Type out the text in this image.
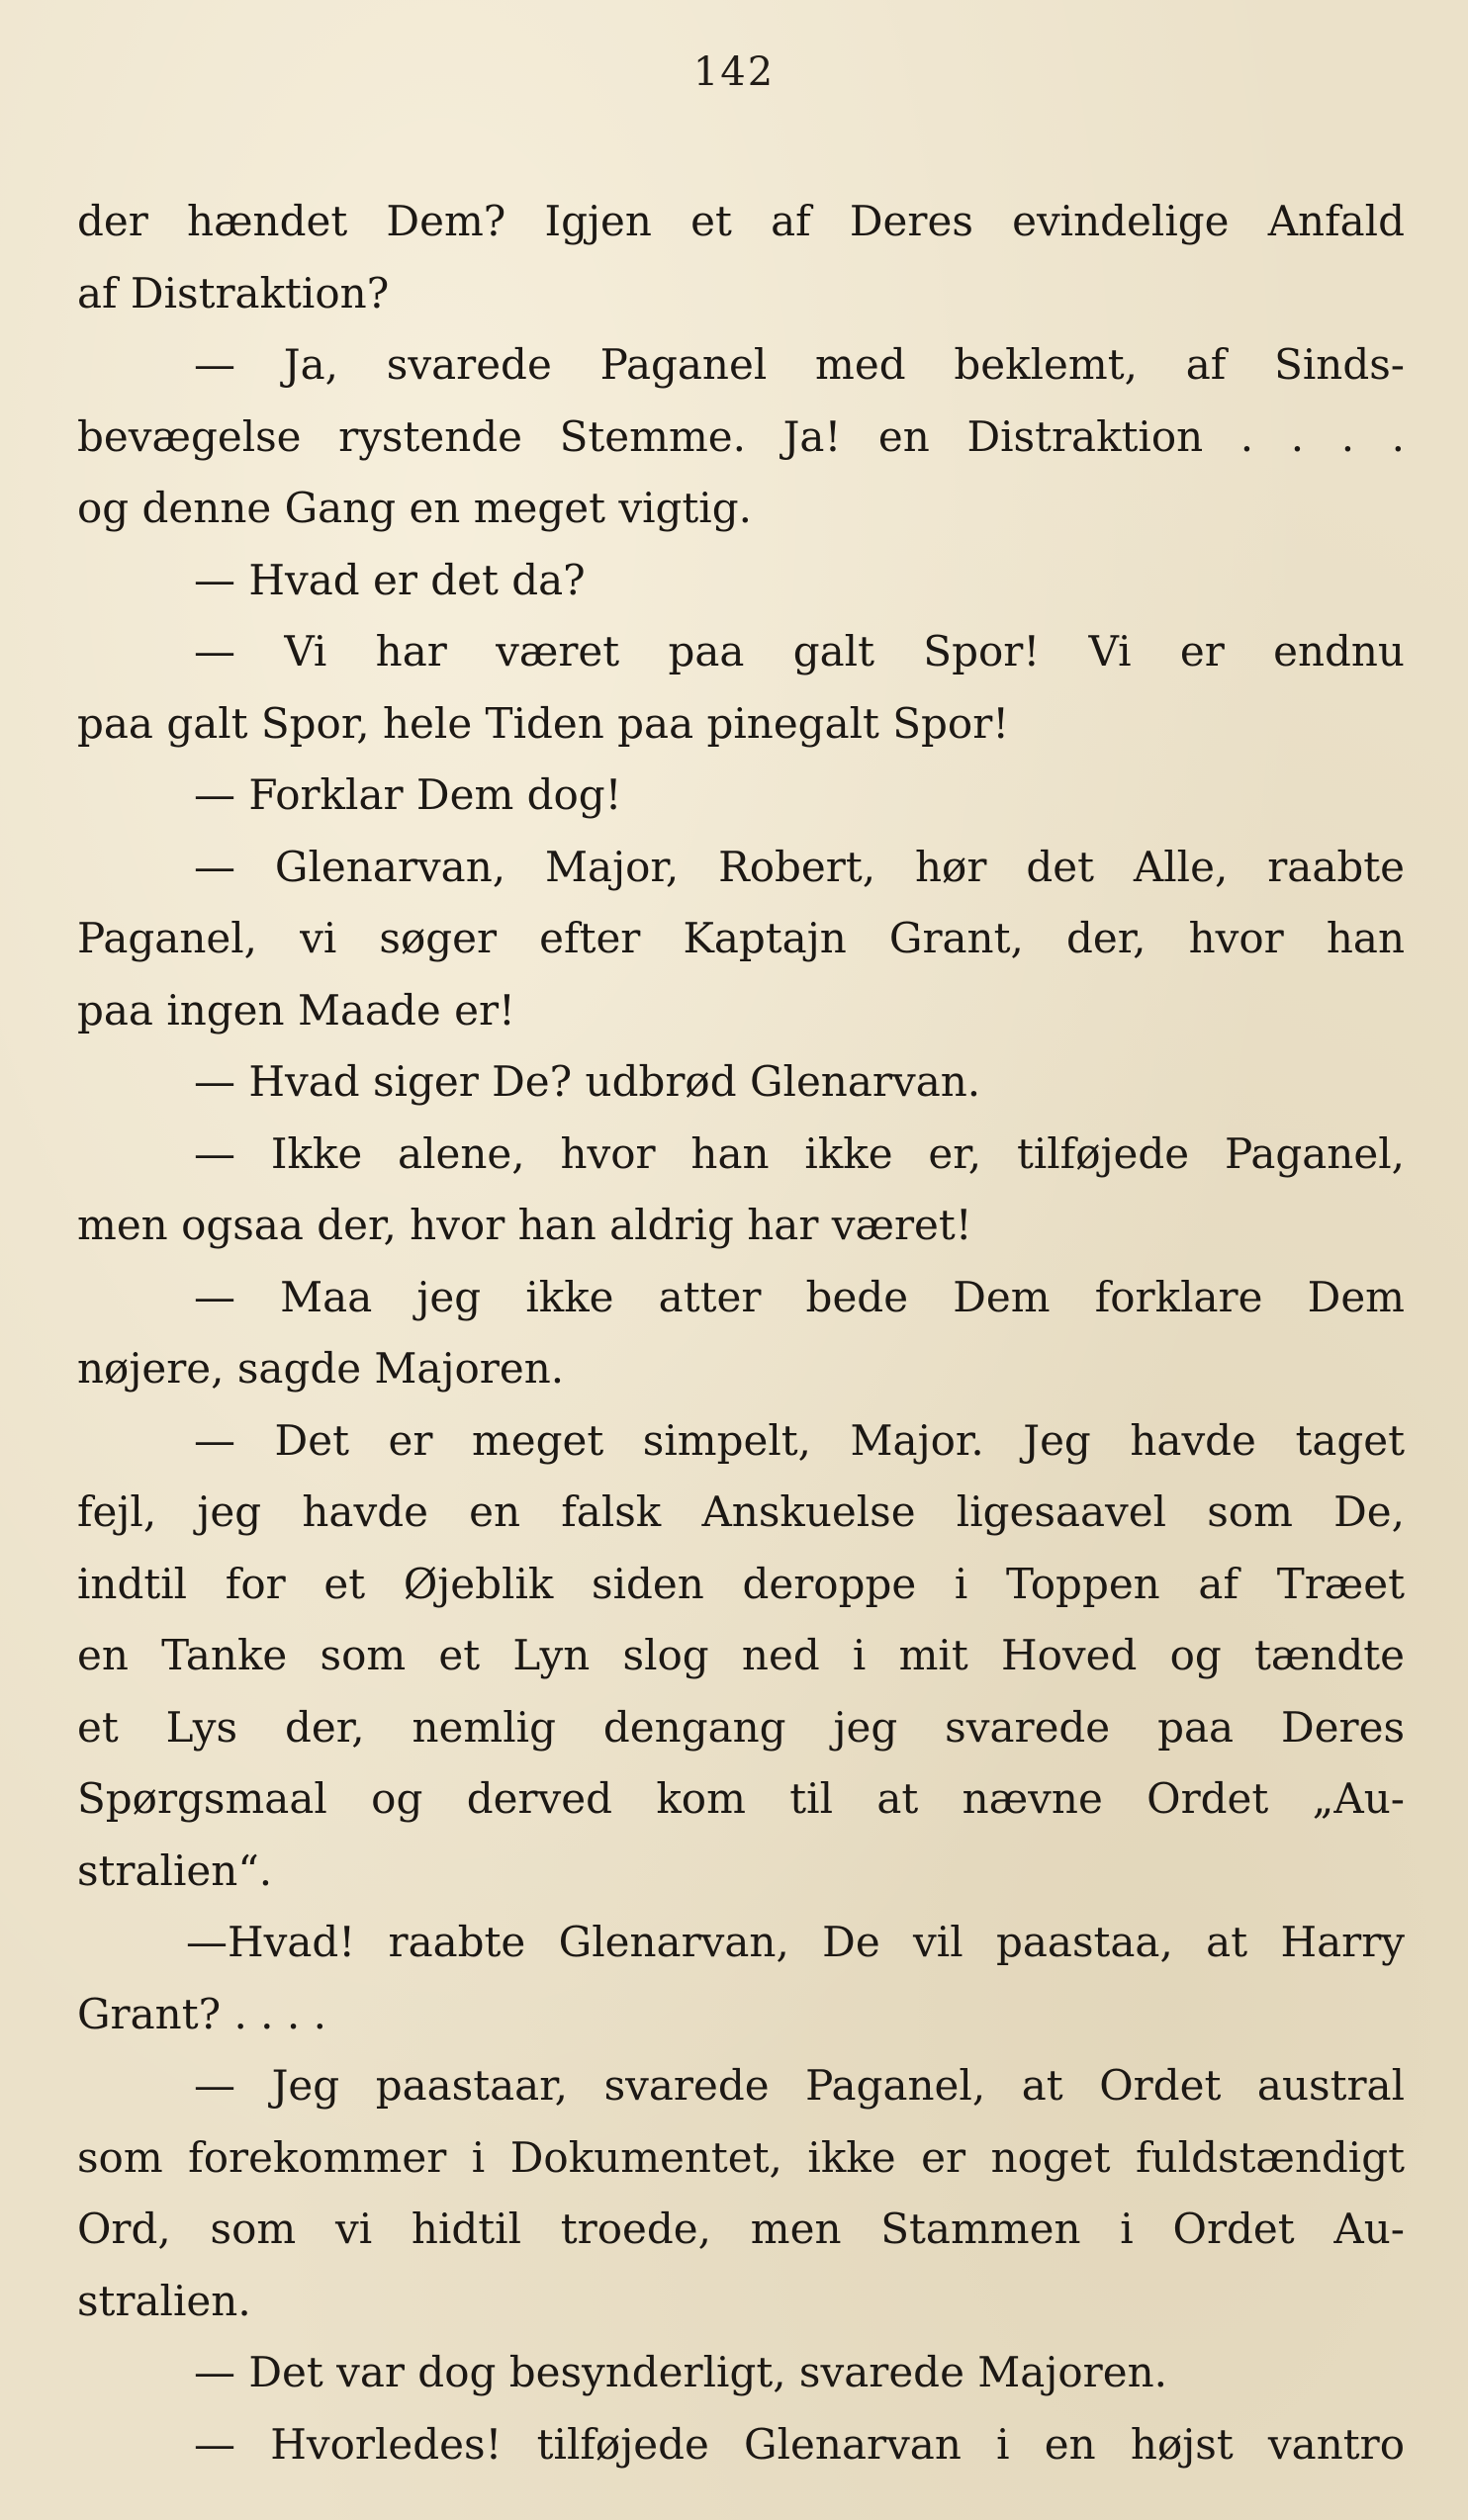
142
der hændet Dem? Igjen et af Deres evindelige Anfald
af Distraktion?
— Ja, svarede Paganel med beklemt, af Sinds-
bevægelse rystende Stemme. Ja! en Distraktion . . . .
og denne Gang en meget vigtig.
— Hvad er det da?
— Vi har været paa galt Spor! Vi er endnu
paa galt Spor, hele Tiden paa pinegalt Spor!
— Forklar Dem dog!
— Glenarvan, Major, Robert, hør det Alle, raabte
Paganel, vi søger efter Kaptajn Grant, der, hvor han
paa ingen Maade er!
— Hvad siger De? udbrød Glenarvan.
— Ikke alene, hvor han ikke er, tilføjede Paganel,
men ogsaa der, hvor han aldrig har været!
— Maa jeg ikke atter bede Dem forklare Dem
nøjere, sagde Majoren.
— Det er meget simpelt, Major. Jeg havde taget
fejl, jeg havde en falsk Anskuelse ligesaavel som De,
indtil for et Øjeblik siden deroppe i Toppen af Træet
en Tanke som et Lyn slog ned i mit Hoved og tændte
et Lys der, nemlig dengang jeg svarede paa Deres
Spørgsmaal og derved kom til at nævne Ordet „Au-
stralien“.
—Hvad! raabte Glenarvan, De vil paastaa, at Harry
Grant? . . . .
— Jeg paastaar, svarede Paganel, at Ordet austral
som forekommer i Dokumentet, ikke er noget fuldstændigt
Ord, som vi hidtil troede, men Stammen i Ordet Au-
stralien.
— Det var dog besynderligt, svarede Majoren.
— Hvorledes! tilføjede Glenarvan i en højst vantro
